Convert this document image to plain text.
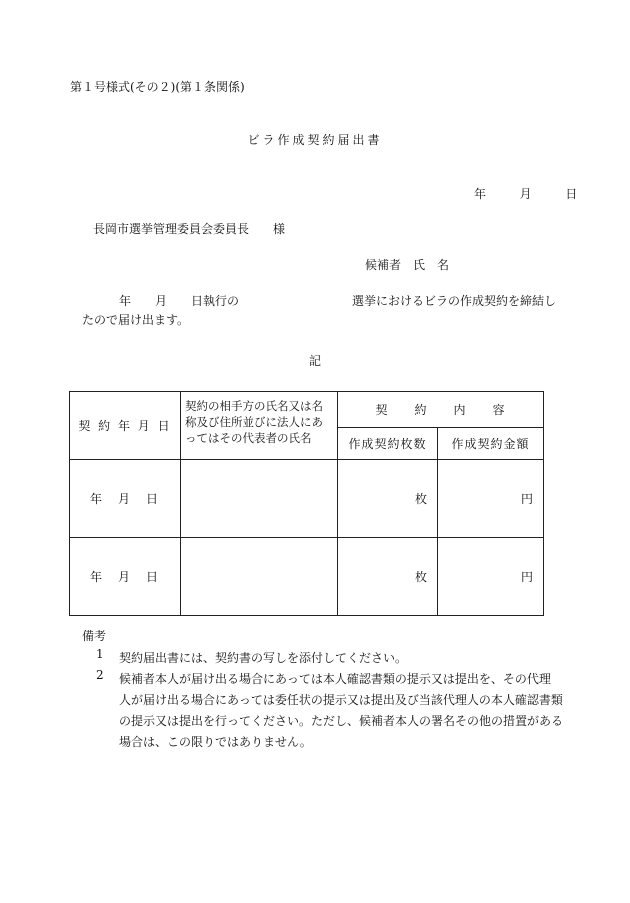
第１号様式(その２)(第１条関係)
ビラ作成契約届出書
年	月	日
長岡市選挙管理委員会委員長　　様
候補者　氏　名
年　　月　　日執行の	選挙におけるビラの作成契約を締結し
たので届け出ます。
記
契 約 年 月 日	契約の相手方の氏名又は名称及び住所並びに法人にあってはその代表者の氏名	契　　約　　内　　容	
		作成契約枚数	作成契約金額
年　月　日		枚	円
年　月　日		枚	円
備考
1 契約届出書には、契約書の写しを添付してください。
2 候補者本人が届け出る場合にあっては本人確認書類の提示又は提出を、その代理
人が届け出る場合にあっては委任状の提示又は提出及び当該代理人の本人確認書類
の提示又は提出を行ってください。ただし、候補者本人の署名その他の措置がある
場合は、この限りではありません。
